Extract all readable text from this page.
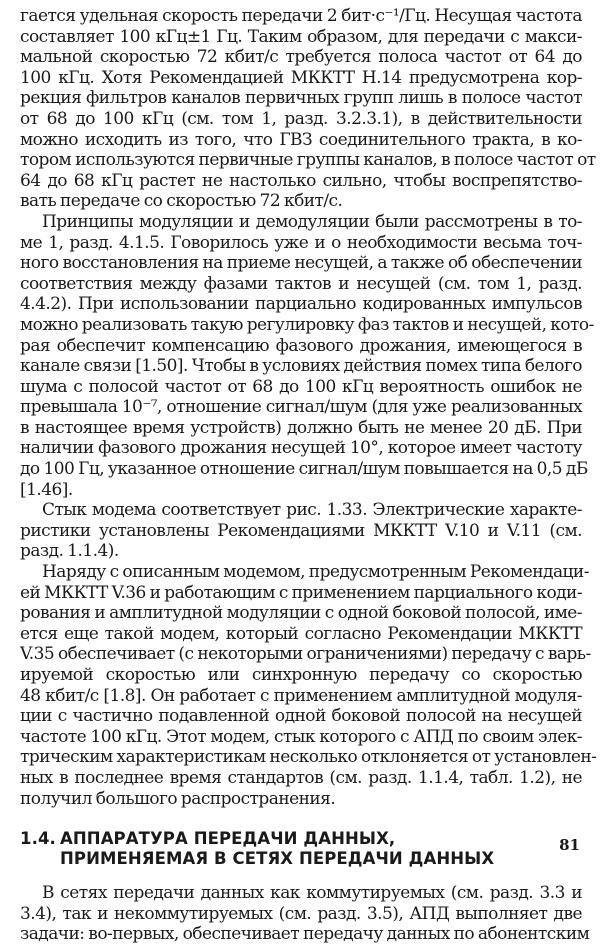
гается удельная скорость передачи 2 бит·с⁻¹/Гц. Несущая частота
составляет 100 кГц±1 Гц. Таким образом, для передачи с макси-
мальной скоростью 72 кбит/с требуется полоса частот от 64 до
100 кГц. Хотя Рекомендацией МККТТ Н.14 предусмотрена кор-
рекция фильтров каналов первичных групп лишь в полосе частот
от 68 до 100 кГц (см. том 1, разд. 3.2.3.1), в действительности
можно исходить из того, что ГВЗ соединительного тракта, в ко-
тором используются первичные группы каналов, в полосе частот от
64 до 68 кГц растет не настолько сильно, чтобы воспрепятство-
вать передаче со скоростью 72 кбит/с.
Принципы модуляции и демодуляции были рассмотрены в то-
ме 1, разд. 4.1.5. Говорилось уже и о необходимости весьма точ-
ного восстановления на приеме несущей, а также об обеспечении
соответствия между фазами тактов и несущей (см. том 1, разд.
4.4.2). При использовании парциально кодированных импульсов
можно реализовать такую регулировку фаз тактов и несущей, кото-
рая обеспечит компенсацию фазового дрожания, имеющегося в
канале связи [1.50]. Чтобы в условиях действия помех типа белого
шума с полосой частот от 68 до 100 кГц вероятность ошибок не
превышала 10⁻⁷, отношение сигнал/шум (для уже реализованных
в настоящее время устройств) должно быть не менее 20 дБ. При
наличии фазового дрожания несущей 10°, которое имеет частоту
до 100 Гц, указанное отношение сигнал/шум повышается на 0,5 дБ
[1.46].
Стык модема соответствует рис. 1.33. Электрические характе-
ристики установлены Рекомендациями МККТТ V.10 и V.11 (см.
разд. 1.1.4).
Наряду с описанным модемом, предусмотренным Рекомендаци-
ей МККТТ V.36 и работающим с применением парциального коди-
рования и амплитудной модуляции с одной боковой полосой, име-
ется еще такой модем, который согласно Рекомендации МККТТ
V.35 обеспечивает (с некоторыми ограничениями) передачу с варь-
ируемой скоростью или синхронную передачу со скоростью
48 кбит/с [1.8]. Он работает с применением амплитудной модуля-
ции с частично подавленной одной боковой полосой на несущей
частоте 100 кГц. Этот модем, стык которого с АПД по своим элек-
трическим характеристикам несколько отклоняется от установлен-
ных в последнее время стандартов (см. разд. 1.1.4, табл. 1.2), не
получил большого распространения.
1.4. АППАРАТУРА ПЕРЕДАЧИ ДАННЫХ,
ПРИМЕНЯЕМАЯ В СЕТЯХ ПЕРЕДАЧИ ДАННЫХ
В сетях передачи данных как коммутируемых (см. разд. 3.3 и
3.4), так и некоммутируемых (см. разд. 3.5), АПД выполняет две
задачи: во-первых, обеспечивает передачу данных по абонентским
81
